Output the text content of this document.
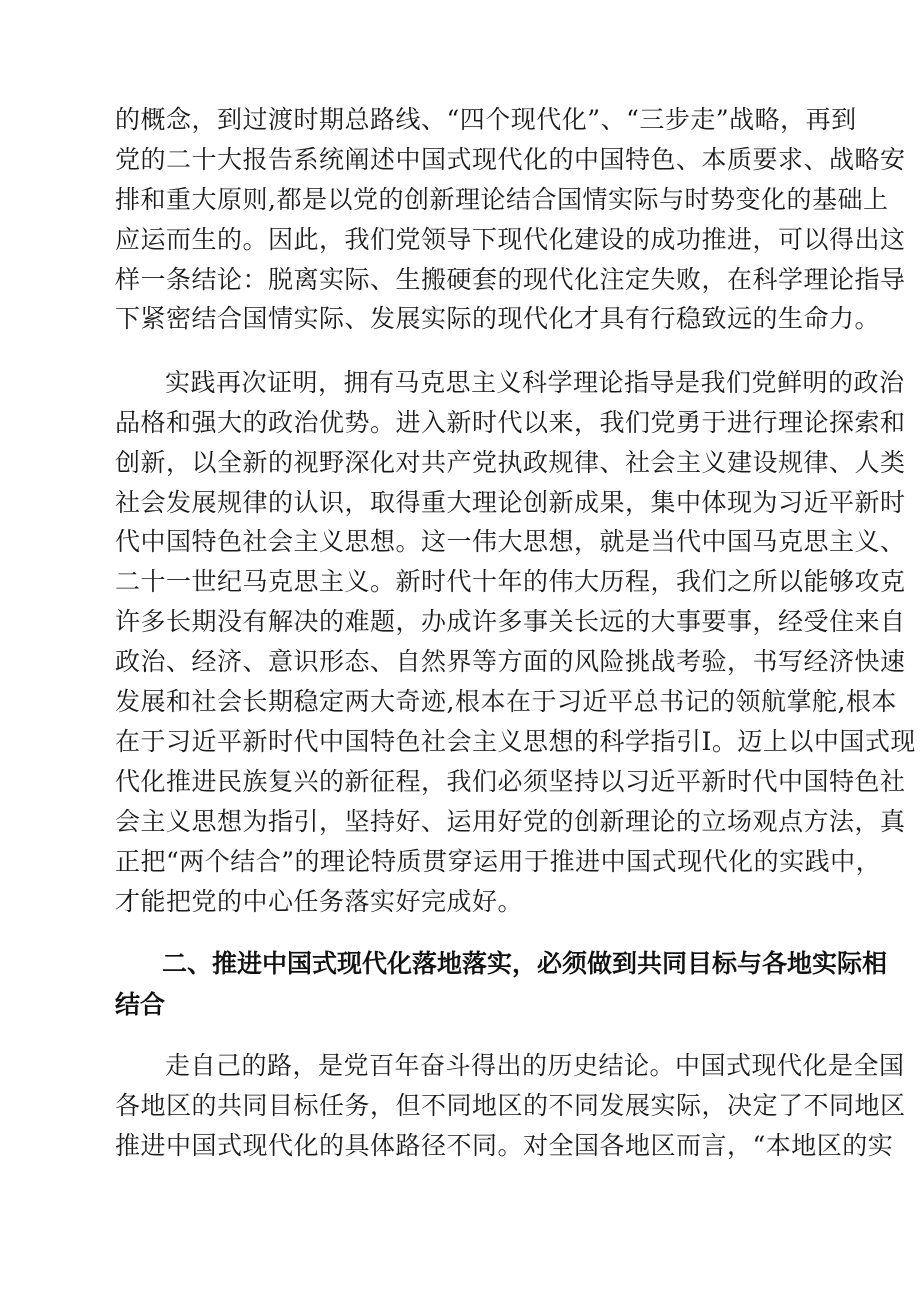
的概念，到过渡时期总路线、“四个现代化”、“三步走”战略，再到
党的二十大报告系统阐述中国式现代化的中国特色、本质要求、战略安
排和重大原则,都是以党的创新理论结合国情实际与时势变化的基础上
应运而生的。因此，我们党领导下现代化建设的成功推进，可以得出这
样一条结论：脱离实际、生搬硬套的现代化注定失败，在科学理论指导
下紧密结合国情实际、发展实际的现代化才具有行稳致远的生命力。
实践再次证明，拥有马克思主义科学理论指导是我们党鲜明的政治
品格和强大的政治优势。进入新时代以来，我们党勇于进行理论探索和
创新，以全新的视野深化对共产党执政规律、社会主义建设规律、人类
社会发展规律的认识，取得重大理论创新成果，集中体现为习近平新时
代中国特色社会主义思想。这一伟大思想，就是当代中国马克思主义、
二十一世纪马克思主义。新时代十年的伟大历程，我们之所以能够攻克
许多长期没有解决的难题，办成许多事关长远的大事要事，经受住来自
政治、经济、意识形态、自然界等方面的风险挑战考验，书写经济快速
发展和社会长期稳定两大奇迹,根本在于习近平总书记的领航掌舵,根本
在于习近平新时代中国特色社会主义思想的科学指引I。迈上以中国式现
代化推进民族复兴的新征程，我们必须坚持以习近平新时代中国特色社
会主义思想为指引，坚持好、运用好党的创新理论的立场观点方法，真
正把“两个结合”的理论特质贯穿运用于推进中国式现代化的实践中，
才能把党的中心任务落实好完成好。
二、推进中国式现代化落地落实，必须做到共同目标与各地实际相
结合
走自己的路，是党百年奋斗得出的历史结论。中国式现代化是全国
各地区的共同目标任务，但不同地区的不同发展实际，决定了不同地区
推进中国式现代化的具体路径不同。对全国各地区而言，“本地区的实
